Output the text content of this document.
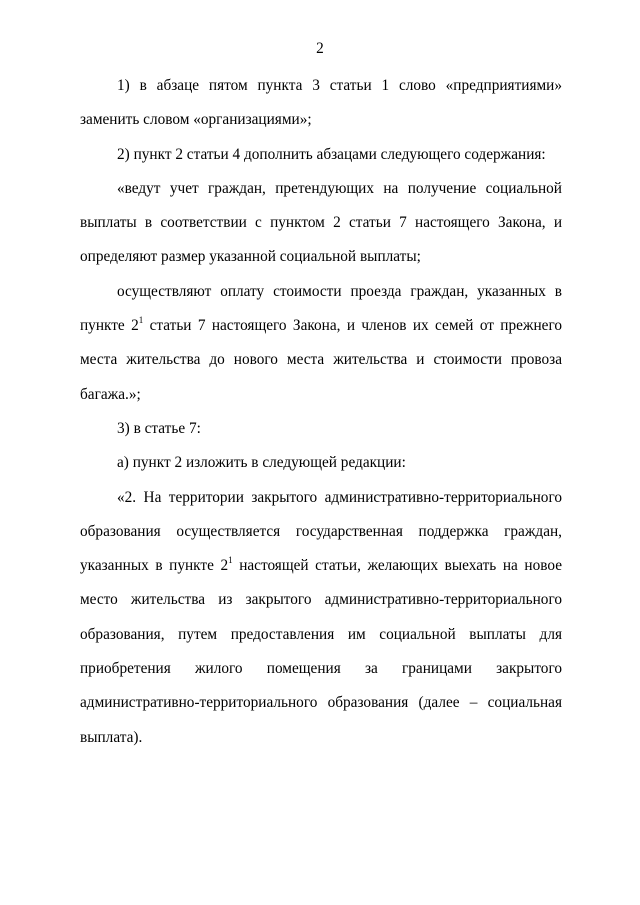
2

1) в абзаце пятом пункта 3 статьи 1 слово «предприятиями» заменить словом «организациями»;

2) пункт 2 статьи 4 дополнить абзацами следующего содержания:

«ведут учет граждан, претендующих на получение социальной выплаты в соответствии с пунктом 2 статьи 7 настоящего Закона, и определяют размер указанной социальной выплаты;

осуществляют оплату стоимости проезда граждан, указанных в пункте $2^1$ статьи 7 настоящего Закона, и членов их семей от прежнего места жительства до нового места жительства и стоимости провоза багажа.»;

3) в статье 7:

а) пункт 2 изложить в следующей редакции:

«2. На территории закрытого административно-территориального образования осуществляется государственная поддержка граждан, указанных в пункте $2^1$ настоящей статьи, желающих выехать на новое место жительства из закрытого административно-территориального образования, путем предоставления им социальной выплаты для приобретения жилого помещения за границами закрытого административно-территориального образования (далее – социальная выплата).
